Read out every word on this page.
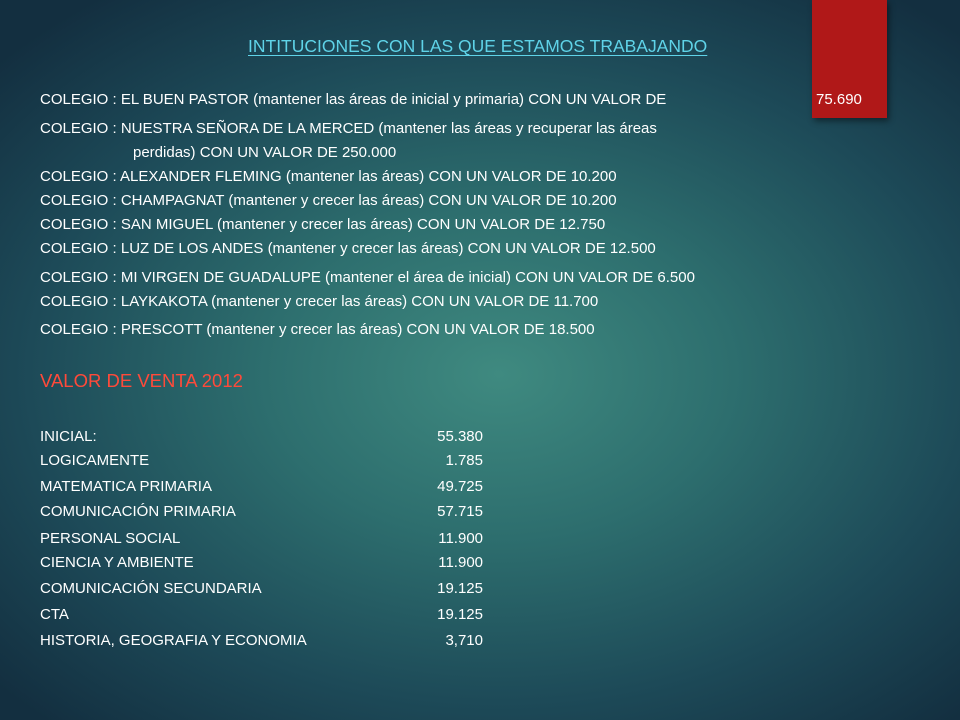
INTITUCIONES CON LAS QUE ESTAMOS TRABAJANDO
COLEGIO : EL BUEN PASTOR (mantener las áreas de inicial y primaria) CON UN VALOR DE	75.690
COLEGIO : NUESTRA SEÑORA DE LA MERCED (mantener las áreas y recuperar las áreas
perdidas) CON UN VALOR DE 250.000
COLEGIO : ALEXANDER FLEMING (mantener las áreas) CON UN VALOR DE 10.200
COLEGIO : CHAMPAGNAT (mantener y crecer las áreas) CON UN VALOR DE 10.200
COLEGIO : SAN MIGUEL (mantener y crecer las áreas) CON UN VALOR DE 12.750
COLEGIO : LUZ DE LOS ANDES (mantener y crecer las áreas) CON UN VALOR DE 12.500
COLEGIO : MI VIRGEN DE GUADALUPE (mantener el área de inicial) CON UN VALOR DE 6.500
COLEGIO : LAYKAKOTA (mantener y crecer las áreas) CON UN VALOR DE 11.700
COLEGIO : PRESCOTT (mantener y crecer las áreas) CON UN VALOR DE 18.500
VALOR DE VENTA 2012
INICIAL:	55.380
LOGICAMENTE	1.785
MATEMATICA PRIMARIA	49.725
COMUNICACIÓN PRIMARIA	57.715
PERSONAL SOCIAL	11.900
CIENCIA Y AMBIENTE	11.900
COMUNICACIÓN SECUNDARIA	19.125
CTA	19.125
HISTORIA, GEOGRAFIA Y ECONOMIA	3,710
